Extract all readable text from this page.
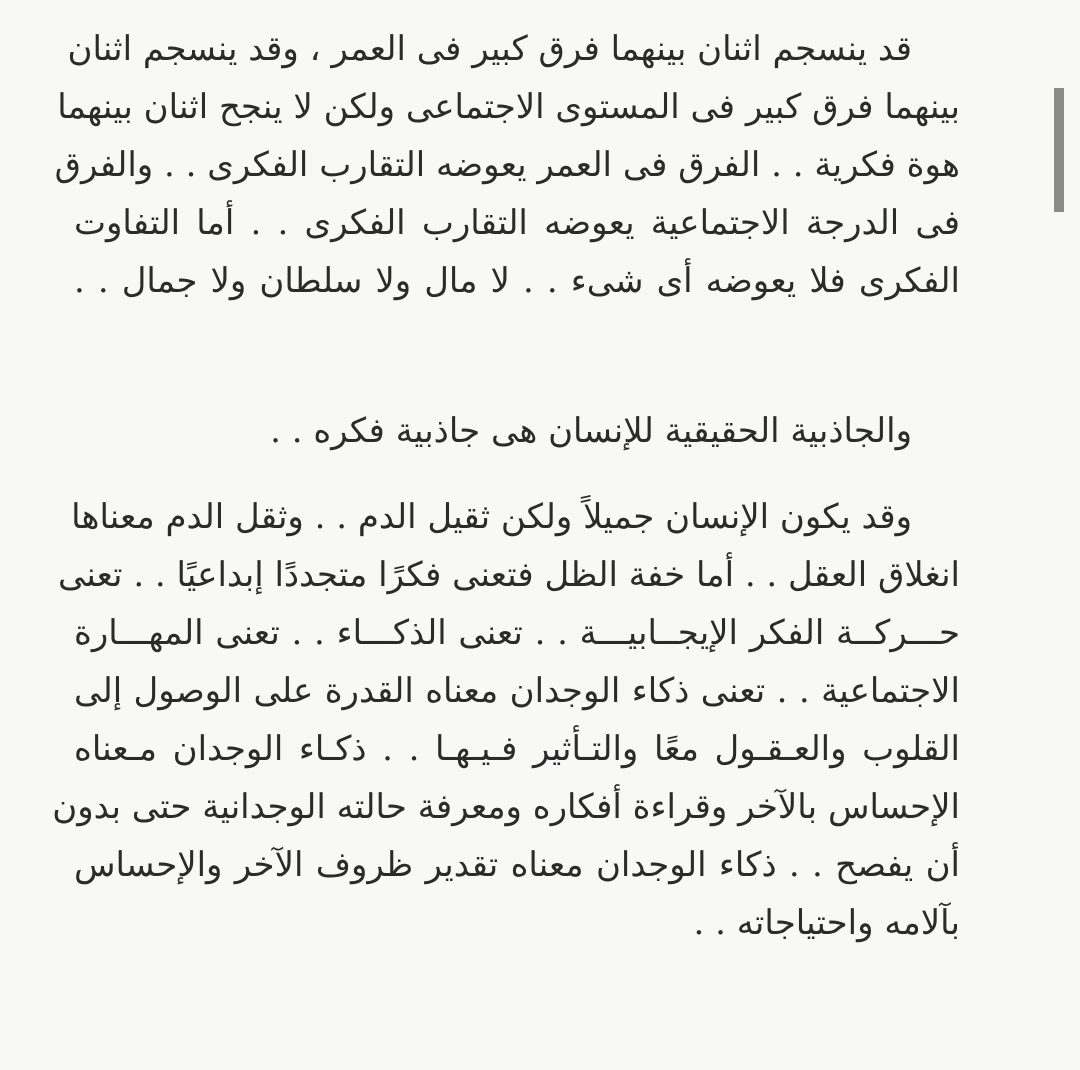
قد ينسجم اثنان بينهما فرق كبير فى العمر ، وقد ينسجم اثنان
بينهما فرق كبير فى المستوى الاجتماعى ولكن لا ينجح اثنان بينهما
هوة فكرية . . الفرق فى العمر يعوضه التقارب الفكرى . . والفرق
فى الدرجة الاجتماعية يعوضه التقارب الفكرى . . أما التفاوت
الفكرى فلا يعوضه أى شىء . . لا مال ولا سلطان ولا جمال . .
والجاذبية الحقيقية للإنسان هى جاذبية فكره . .
وقد يكون الإنسان جميلاً ولكن ثقيل الدم . . وثقل الدم معناها
انغلاق العقل . . أما خفة الظل فتعنى فكرًا متجددًا إبداعيًا . . تعنى
حـــركــة الفكر الإيجــابيـــة . . تعنى الذكـــاء . . تعنى المهـــارة
الاجتماعية . . تعنى ذكاء الوجدان معناه القدرة على الوصول إلى
القلوب والعـقـول معًا والتـأثير فـيـهـا . . ذكـاء الوجدان مـعناه
الإحساس بالآخر وقراءة أفكاره ومعرفة حالته الوجدانية حتى بدون
أن يفصح . . ذكاء الوجدان معناه تقدير ظروف الآخر والإحساس
بآلامه واحتياجاته . .
